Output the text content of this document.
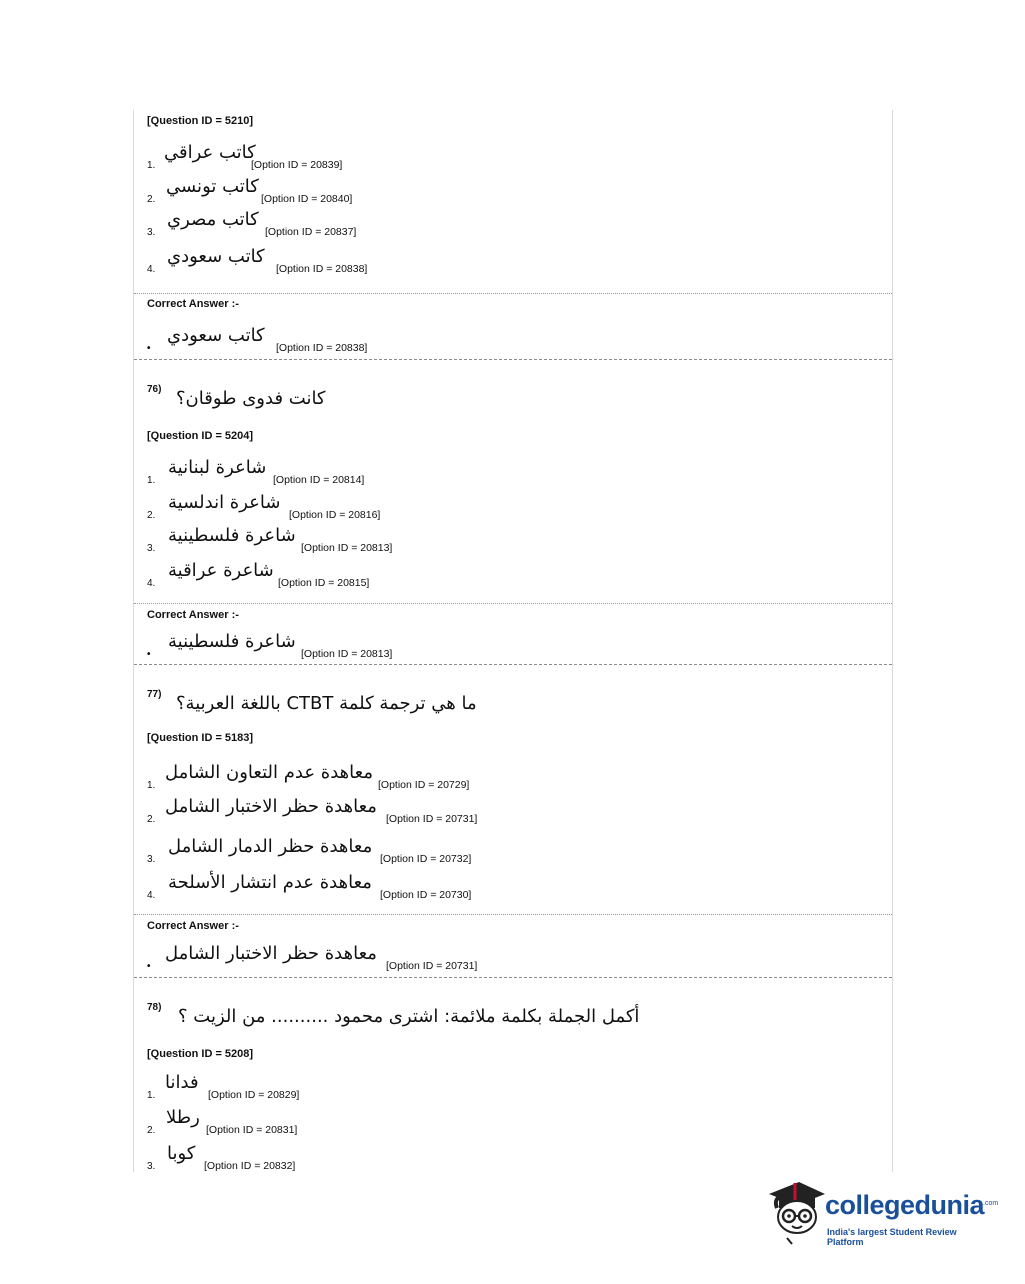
[Question ID = 5210]
1.
كاتب عراقي
[Option ID = 20839]
2.
كاتب تونسي
[Option ID = 20840]
3.
كاتب مصري
[Option ID = 20837]
4.
كاتب سعودي
[Option ID = 20838]
Correct Answer :-
•
كاتب سعودي
[Option ID = 20838]
76) كانت فدوى طوقان؟
[Question ID = 5204]
1.
شاعرة لبنانية
[Option ID = 20814]
2.
شاعرة اندلسية
[Option ID = 20816]
3.
شاعرة فلسطينية
[Option ID = 20813]
4.
شاعرة عراقية
[Option ID = 20815]
Correct Answer :-
•
شاعرة فلسطينية
[Option ID = 20813]
77) ما هي ترجمة كلمة CTBT باللغة العربية؟
[Question ID = 5183]
1.
معاهدة عدم التعاون الشامل
[Option ID = 20729]
2.
معاهدة حظر الاختبار الشامل
[Option ID = 20731]
3.
معاهدة حظر الدمار الشامل
[Option ID = 20732]
4.
معاهدة عدم انتشار الأسلحة
[Option ID = 20730]
Correct Answer :-
•
معاهدة حظر الاختبار الشامل
[Option ID = 20731]
78) أكمل الجملة بكلمة ملائمة: اشترى محمود .......... من الزيت ؟
[Question ID = 5208]
1.
فدانا
[Option ID = 20829]
2.
رطلا
[Option ID = 20831]
3.
كوبا
[Option ID = 20832]
collegedunia
.com
India's largest Student Review Platform
